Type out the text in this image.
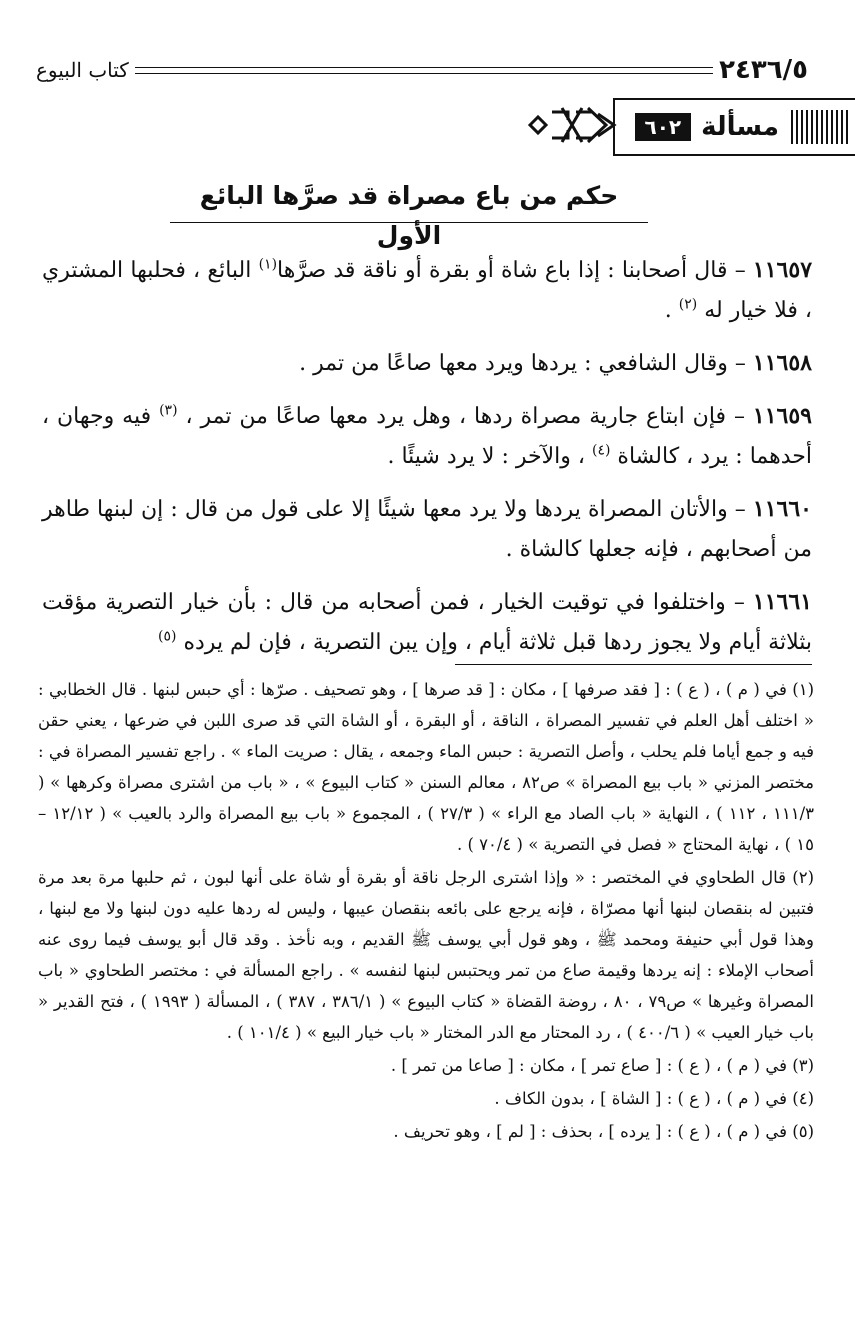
٢٤٣٦/٥
كتاب البيوع
مسألة
٦٠٢
حكم من باع مصراة قد صرَّها البائع الأول

١١٦٥٧ – قال أصحابنا : إذا باع شاة أو بقرة أو ناقة قد صرَّها$^{(١)}$ البائع ، فحلبها المشتري ، فلا خيار له $^{(٢)}$ .

١١٦٥٨ – وقال الشافعي : يردها ويرد معها صاعًا من تمر .

١١٦٥٩ – فإن ابتاع جارية مصراة ردها ، وهل يرد معها صاعًا من تمر ، $^{(٣)}$ فيه وجهان ، أحدهما : يرد ، كالشاة $^{(٤)}$ ، والآخر : لا يرد شيئًا .

١١٦٦٠ – والأتان المصراة يردها ولا يرد معها شيئًا إلا على قول من قال : إن لبنها طاهر من أصحابهم ، فإنه جعلها كالشاة .

١١٦٦١ – واختلفوا في توقيت الخيار ، فمن أصحابه من قال : بأن خيار التصرية مؤقت بثلاثة أيام ولا يجوز ردها قبل ثلاثة أيام ، وإن يبن التصرية ، فإن لم يرده $^{(٥)}$

(١) في ( م ) ، ( ع ) : [ فقد صرفها ] ، مكان : [ قد صرها ] ، وهو تصحيف . صرّها : أي حبس لبنها . قال الخطابي : « اختلف أهل العلم في تفسير المصراة ، الناقة ، أو البقرة ، أو الشاة التي قد صرى اللبن في ضرعها ، يعني حقن فيه و جمع أياما فلم يحلب ، وأصل التصرية : حبس الماء وجمعه ، يقال : صريت الماء » . راجع تفسير المصراة في : مختصر المزني « باب بيع المصراة » ص٨٢ ، معالم السنن « كتاب البيوع » ، « باب من اشترى مصراة وكرهها » ( ١١١/٣ ، ١١٢ ) ، النهاية « باب الصاد مع الراء » ( ٢٧/٣ ) ، المجموع « باب بيع المصراة والرد بالعيب » ( ١٢/١٢ – ١٥ ) ، نهاية المحتاج « فصل في التصرية » ( ٧٠/٤ ) .

(٢) قال الطحاوي في المختصر : « وإذا اشترى الرجل ناقة أو بقرة أو شاة على أنها لبون ، ثم حلبها مرة بعد مرة فتبين له بنقصان لبنها أنها مصرّاة ، فإنه يرجع على بائعه بنقصان عيبها ، وليس له ردها عليه دون لبنها ولا مع لبنها ، وهذا قول أبي حنيفة ومحمد ﷺ ، وهو قول أبي يوسف ﷺ القديم ، وبه نأخذ . وقد قال أبو يوسف فيما روى عنه أصحاب الإملاء : إنه يردها وقيمة صاع من تمر ويحتبس لبنها لنفسه » . راجع المسألة في : مختصر الطحاوي « باب المصراة وغيرها » ص٧٩ ، ٨٠ ، روضة القضاة « كتاب البيوع » ( ٣٨٦/١ ، ٣٨٧ ) ، المسألة ( ١٩٩٣ ) ، فتح القدير « باب خيار العيب » ( ٤٠٠/٦ ) ، رد المحتار مع الدر المختار « باب خيار البيع » ( ١٠١/٤ ) .

(٣) في ( م ) ، ( ع ) : [ صاع تمر ] ، مكان : [ صاعا من تمر ] .

(٤) في ( م ) ، ( ع ) : [ الشاة ] ، بدون الكاف .

(٥) في ( م ) ، ( ع ) : [ يرده ] ، بحذف : [ لم ] ، وهو تحريف .
